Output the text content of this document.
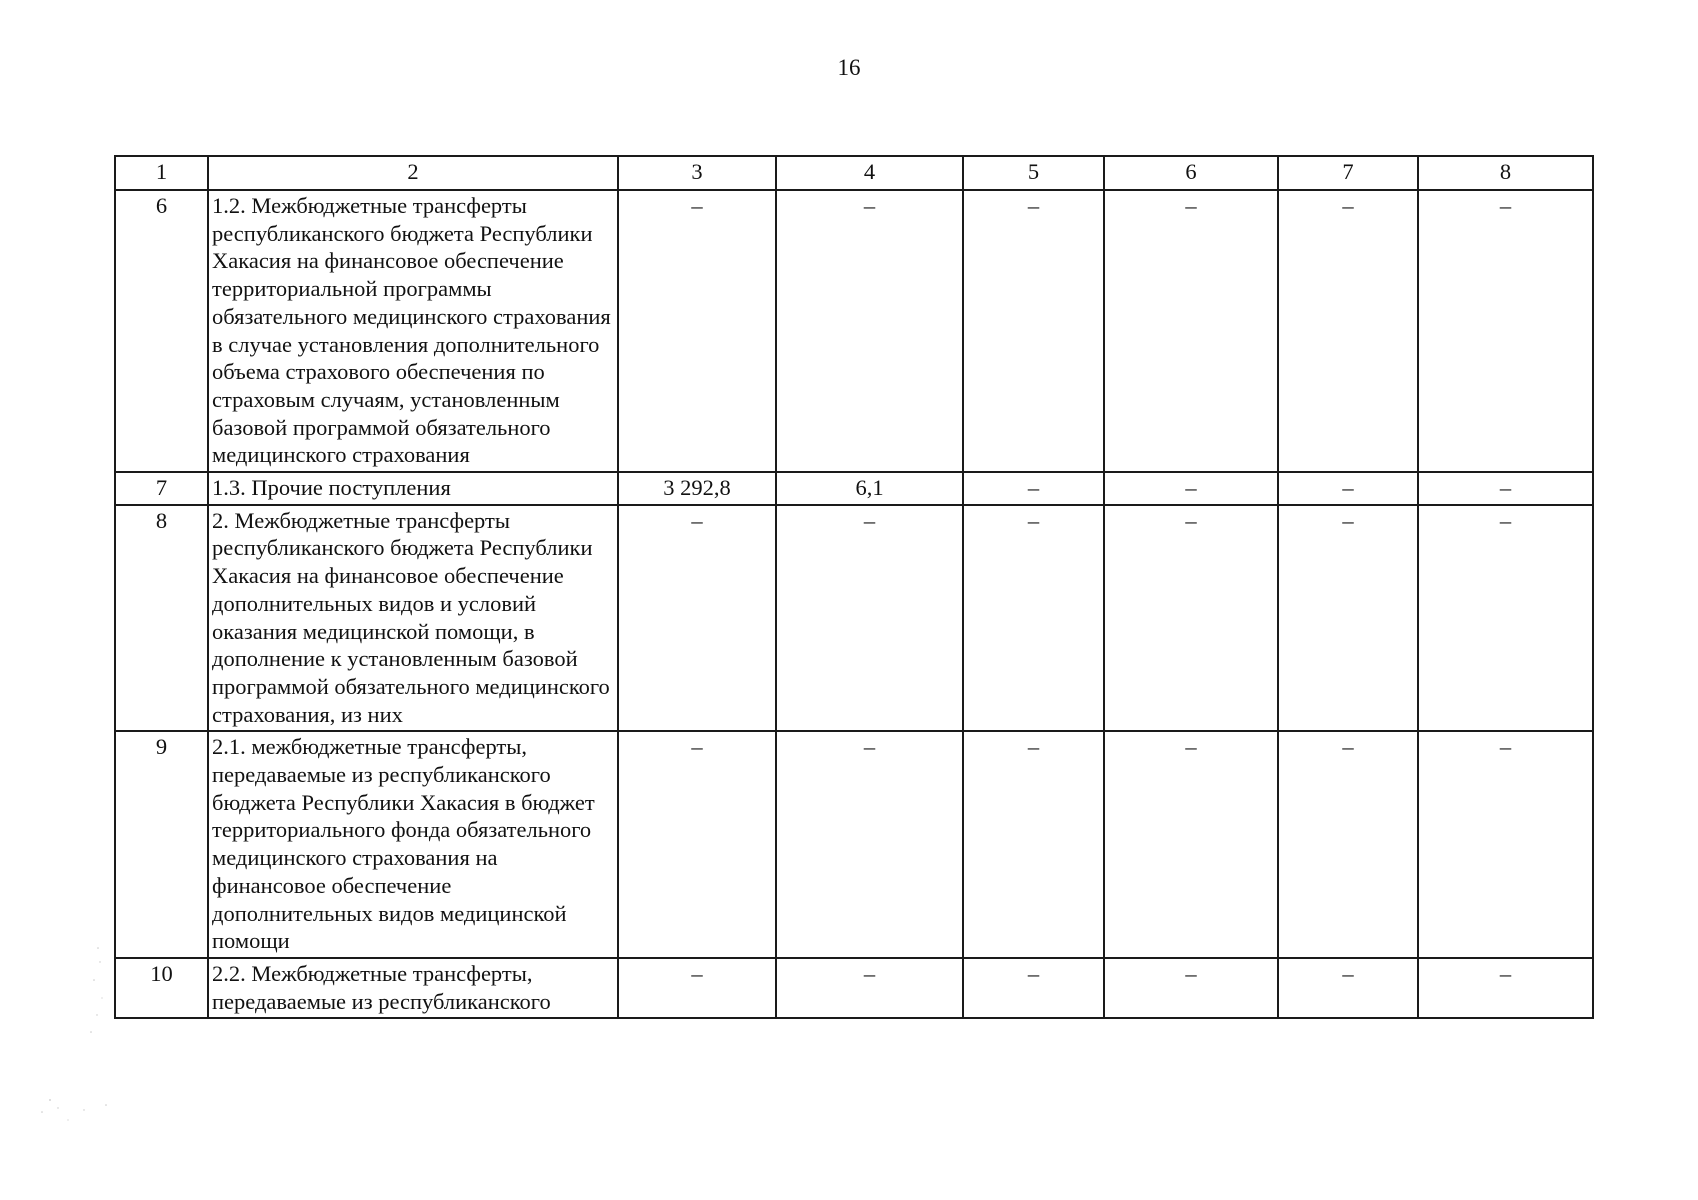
16
1	2	3	4	5	6	7	8
6	1.2. Межбюджетные трансферты республиканского бюджета Республики Хакасия на финансовое обеспечение территориальной программы обязательного медицинского страхования в случае установления дополнительного объема страхового обеспечения по страховым случаям, установленным базовой программой обязательного медицинского страхования	–	–	–	–	–	–
7	1.3. Прочие поступления	3 292,8	6,1	–	–	–	–
8	2. Межбюджетные трансферты республиканского бюджета Республики Хакасия на финансовое обеспечение дополнительных видов и условий оказания медицинской помощи, в дополнение к установленным базовой программой обязательного медицинского страхования, из них	–	–	–	–	–	–
9	2.1. межбюджетные трансферты, передаваемые из республиканского бюджета Республики Хакасия в бюджет территориального фонда обязательного медицинского страхования на финансовое обеспечение дополнительных видов медицинской помощи	–	–	–	–	–	–
10	2.2. Межбюджетные трансферты, передаваемые из республиканского	–	–	–	–	–	–
